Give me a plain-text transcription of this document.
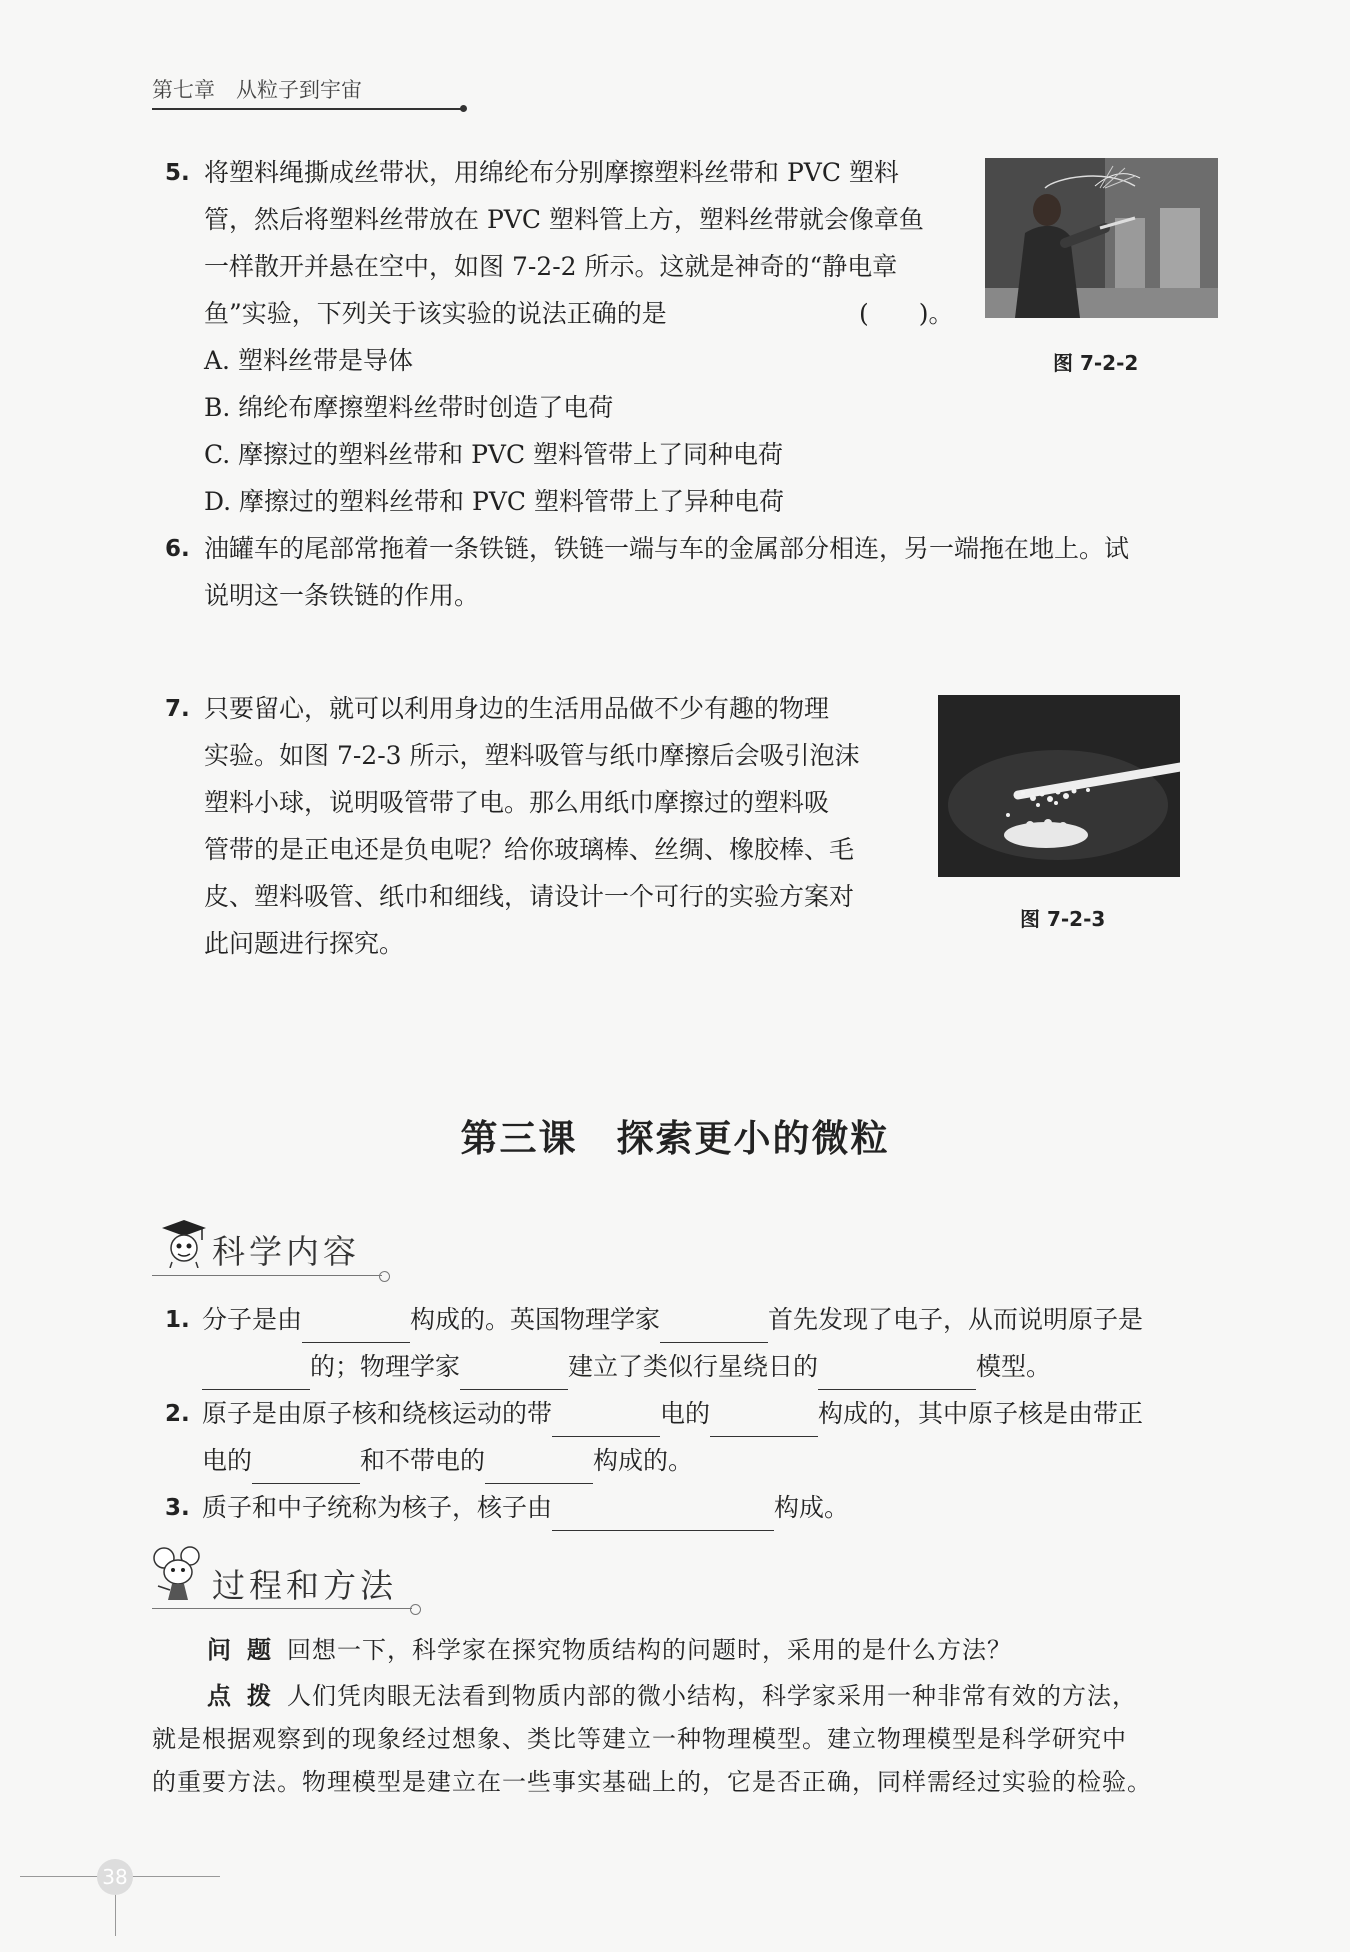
第七章　 从粒子到宇宙
5. 将塑料绳撕成丝带状，用绵纶布分别摩擦塑料丝带和 PVC 塑料
管，然后将塑料丝带放在 PVC 塑料管上方，塑料丝带就会像章鱼
一样散开并悬在空中，如图 7-2-2 所示。这就是神奇的“静电章
鱼”实验，下列关于该实验的说法正确的是	(　　)。
A. 塑料丝带是导体
B. 绵纶布摩擦塑料丝带时创造了电荷
C. 摩擦过的塑料丝带和 PVC 塑料管带上了同种电荷
D. 摩擦过的塑料丝带和 PVC 塑料管带上了异种电荷
图 7-2-2
6. 油罐车的尾部常拖着一条铁链，铁链一端与车的金属部分相连，另一端拖在地上。试
说明这一条铁链的作用。
7. 只要留心，就可以利用身边的生活用品做不少有趣的物理
实验。如图 7-2-3 所示，塑料吸管与纸巾摩擦后会吸引泡沫
塑料小球，说明吸管带了电。那么用纸巾摩擦过的塑料吸
管带的是正电还是负电呢？给你玻璃棒、丝绸、橡胶棒、毛
皮、塑料吸管、纸巾和细线，请设计一个可行的实验方案对
此问题进行探究。
图 7-2-3
第三课　探索更小的微粒
科学内容
1. 分子是由	构成的。英国物理学家	首先发现了电子，从而说明原子是
的；物理学家	建立了类似行星绕日的	模型。
2. 原子是由原子核和绕核运动的带	电的	构成的，其中原子核是由带正
电的	和不带电的	构成的。
3. 质子和中子统称为核子，核子由	构成。
过程和方法
问题回想一下，科学家在探究物质结构的问题时，采用的是什么方法？
点拨人们凭肉眼无法看到物质内部的微小结构，科学家采用一种非常有效的方法，
就是根据观察到的现象经过想象、类比等建立一种物理模型。建立物理模型是科学研究中
的重要方法。物理模型是建立在一些事实基础上的，它是否正确，同样需经过实验的检验。
38
